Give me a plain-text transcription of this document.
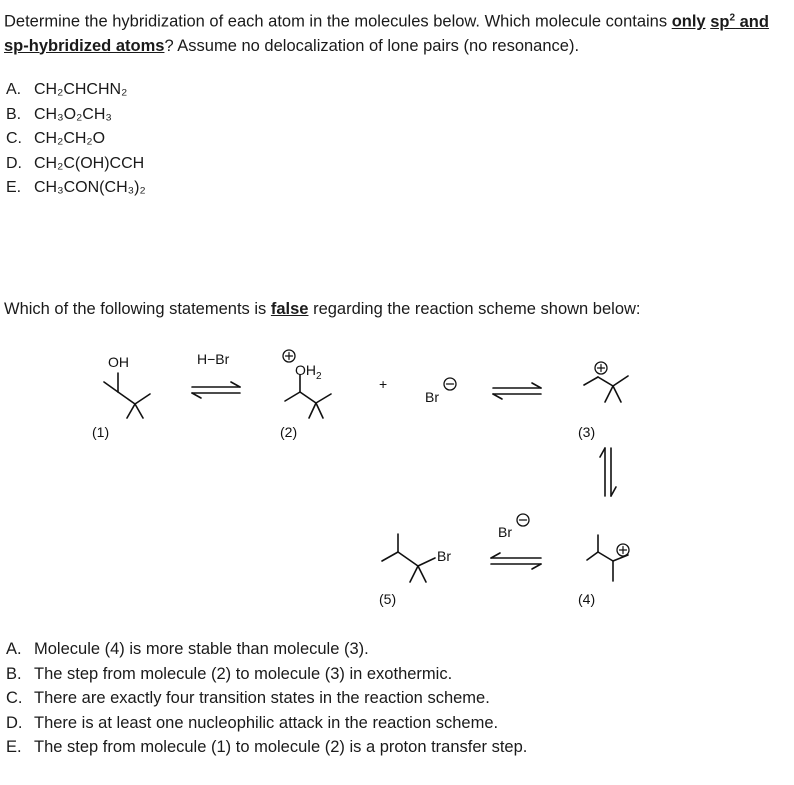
Determine the hybridization of each atom in the molecules below. Which molecule contains only $sp^2$ and sp-hybridized atoms? Assume no delocalization of lone pairs (no resonance).
A. CH₂CHCHN₂
B. CH₃O₂CH₃
C. CH₂CH₂O
D. CH₂C(OH)CCH
E. CH₃CON(CH₃)₂
Which of the following statements is false regarding the reaction scheme shown below:
OH	H−Br
$OH_2$	+
Br
Br
Br
(1)	(2)	(3)
(4)
(5)
A. Molecule (4) is more stable than molecule (3).
B. The step from molecule (2) to molecule (3) in exothermic.
C. There are exactly four transition states in the reaction scheme.
D. There is at least one nucleophilic attack in the reaction scheme.
E. The step from molecule (1) to molecule (2) is a proton transfer step.
